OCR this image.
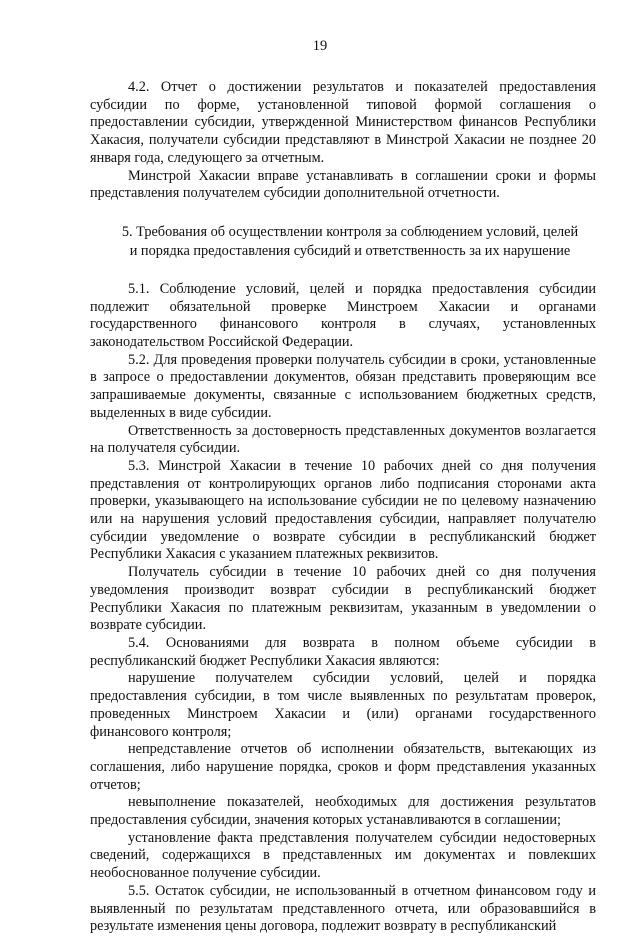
19

4.2. Отчет о достижении результатов и показателей предоставления субсидии по форме, установленной типовой формой соглашения о предоставлении субсидии, утвержденной Министерством финансов Республики Хакасия, получатели субсидии представляют в Минстрой Хакасии не позднее 20 января года, следующего за отчетным.

Минстрой Хакасии вправе устанавливать в соглашении сроки и формы представления получателем субсидии дополнительной отчетности.

5. Требования об осуществлении контроля за соблюдением условий, целей
и порядка предоставления субсидий и ответственность за их нарушение

5.1. Соблюдение условий, целей и порядка предоставления субсидии подлежит обязательной проверке Минстроем Хакасии и органами государственного финансового контроля в случаях, установленных законодательством Российской Федерации.

5.2. Для проведения проверки получатель субсидии в сроки, установленные в запросе о предоставлении документов, обязан представить проверяющим все запрашиваемые документы, связанные с использованием бюджетных средств, выделенных в виде субсидии.

Ответственность за достоверность представленных документов возлагается на получателя субсидии.

5.3. Минстрой Хакасии в течение 10 рабочих дней со дня получения представления от контролирующих органов либо подписания сторонами акта проверки, указывающего на использование субсидии не по целевому назначению или на нарушения условий предоставления субсидии, направляет получателю субсидии уведомление о возврате субсидии в республиканский бюджет Республики Хакасия с указанием платежных реквизитов.

Получатель субсидии в течение 10 рабочих дней со дня получения уведомления производит возврат субсидии в республиканский бюджет Республики Хакасия по платежным реквизитам, указанным в уведомлении о возврате субсидии.

5.4. Основаниями для возврата в полном объеме субсидии в республиканский бюджет Республики Хакасия являются:

нарушение получателем субсидии условий, целей и порядка предоставления субсидии, в том числе выявленных по результатам проверок, проведенных Минстроем Хакасии и (или) органами государственного финансового контроля;

непредставление отчетов об исполнении обязательств, вытекающих из соглашения, либо нарушение порядка, сроков и форм представления указанных отчетов;

невыполнение показателей, необходимых для достижения результатов предоставления субсидии, значения которых устанавливаются в соглашении;

установление факта представления получателем субсидии недостоверных сведений, содержащихся в представленных им документах и повлекших необоснованное получение субсидии.

5.5. Остаток субсидии, не использованный в отчетном финансовом году и выявленный по результатам представленного отчета, или образовавшийся в результате изменения цены договора, подлежит возврату в республиканский
